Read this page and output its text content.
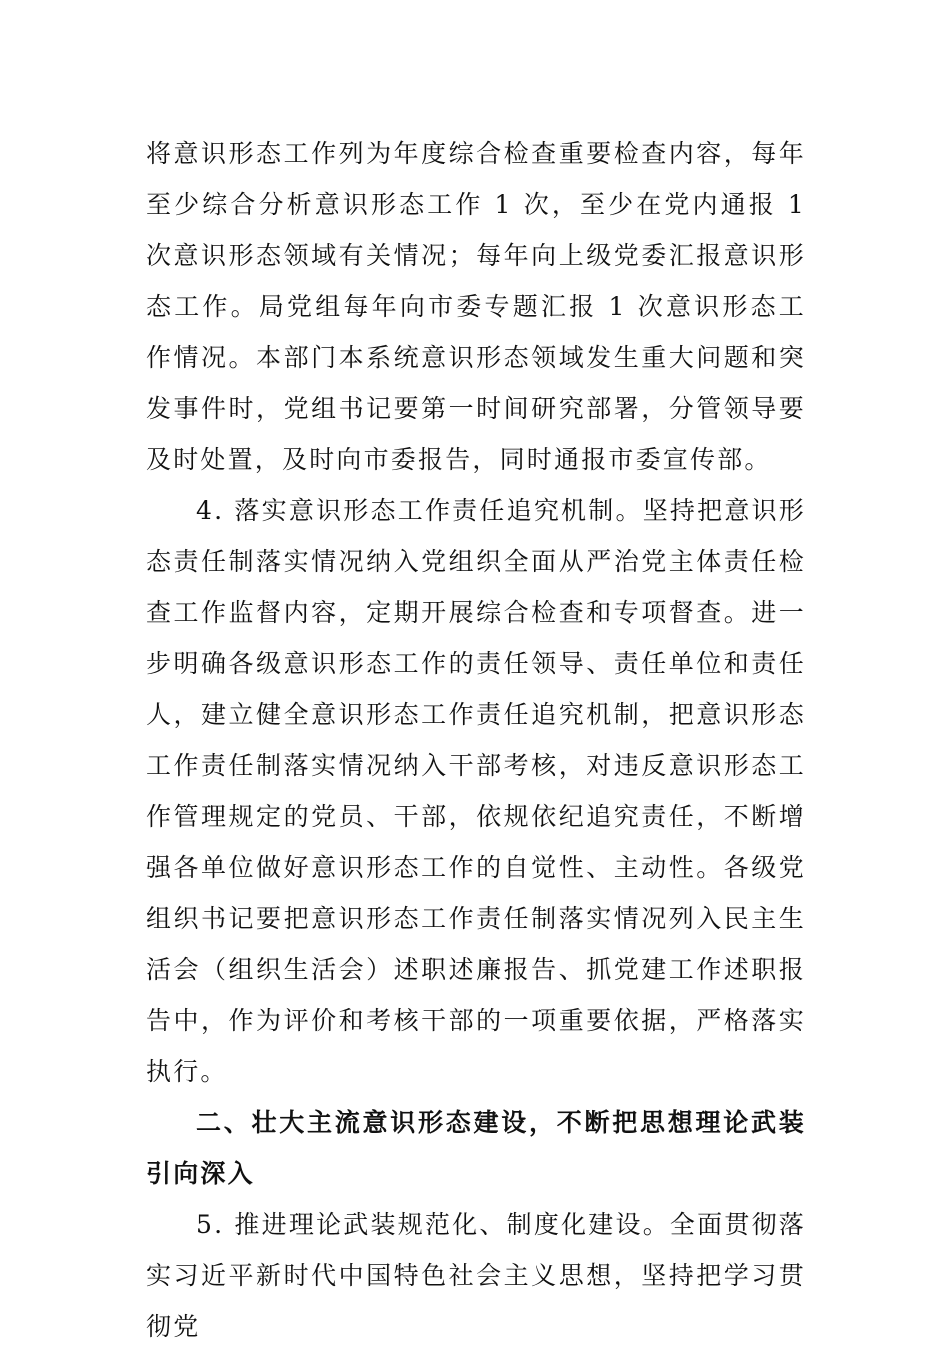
将意识形态工作列为年度综合检查重要检查内容，每年至少综合分析意识形态工作 1 次，至少在党内通报 1 次意识形态领域有关情况；每年向上级党委汇报意识形态工作。局党组每年向市委专题汇报 1 次意识形态工作情况。本部门本系统意识形态领域发生重大问题和突发事件时，党组书记要第一时间研究部署，分管领导要及时处置，及时向市委报告，同时通报市委宣传部。

4. 落实意识形态工作责任追究机制。坚持把意识形态责任制落实情况纳入党组织全面从严治党主体责任检查工作监督内容，定期开展综合检查和专项督查。进一步明确各级意识形态工作的责任领导、责任单位和责任人，建立健全意识形态工作责任追究机制，把意识形态工作责任制落实情况纳入干部考核，对违反意识形态工作管理规定的党员、干部，依规依纪追究责任，不断增强各单位做好意识形态工作的自觉性、主动性。各级党组织书记要把意识形态工作责任制落实情况列入民主生活会（组织生活会）述职述廉报告、抓党建工作述职报告中，作为评价和考核干部的一项重要依据，严格落实执行。

二、壮大主流意识形态建设，不断把思想理论武装引向深入

5. 推进理论武装规范化、制度化建设。全面贯彻落实习近平新时代中国特色社会主义思想，坚持把学习贯彻党
